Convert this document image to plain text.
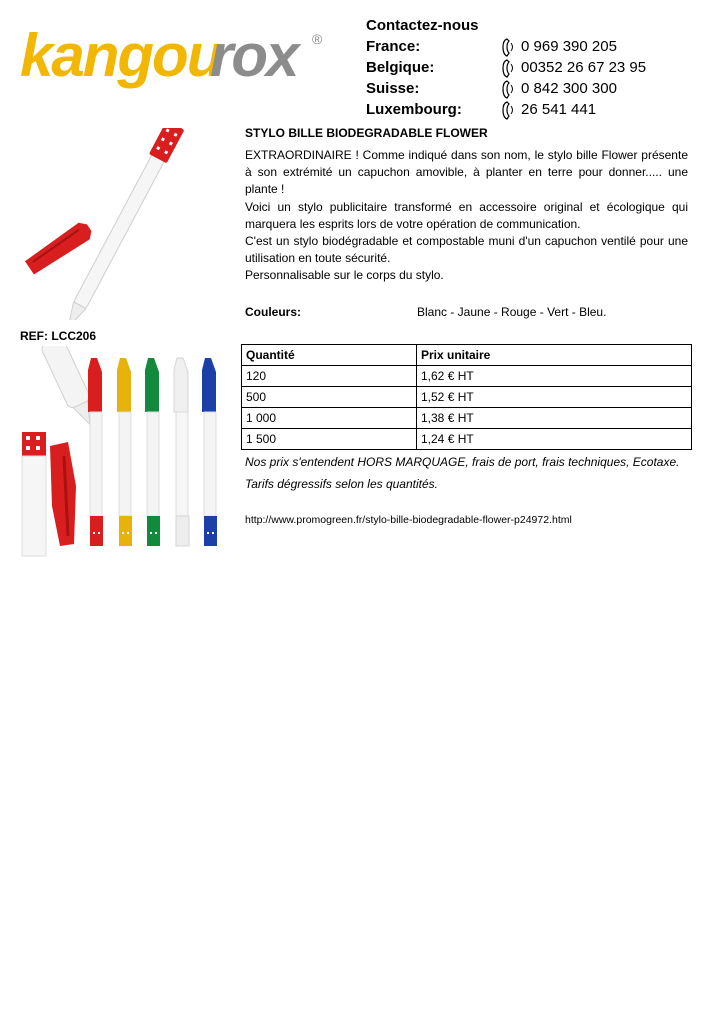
kangou
rox	®
Contactez-nous
France:	0 969 390 205
Belgique:	00352 26 67 23 95
Suisse:	0 842 300 300
Luxembourg:	26 541 441
REF: LCC206
STYLO BILLE BIODEGRADABLE FLOWER

EXTRAORDINAIRE ! Comme indiqué dans son nom, le stylo bille Flower présente à son extrémité un capuchon amovible, à planter en terre pour donner..... une plante !

Voici un stylo publicitaire transformé en accessoire original et écologique qui marquera les esprits lors de votre opération de communication.

C'est un stylo biodégradable et compostable muni d'un capuchon ventilé pour une utilisation en toute sécurité.

Personnalisable sur le corps du stylo.

Couleurs:	Blanc - Jaune - Rouge - Vert - Bleu.
Quantité	Prix unitaire
120	1,62 € HT
500	1,52 € HT
1 000	1,38 € HT
1 500	1,24 € HT

Nos prix s'entendent HORS MARQUAGE, frais de port, frais techniques, Ecotaxe.

Tarifs dégressifs selon les quantités.

http://www.promogreen.fr/stylo-bille-biodegradable-flower-p24972.html
